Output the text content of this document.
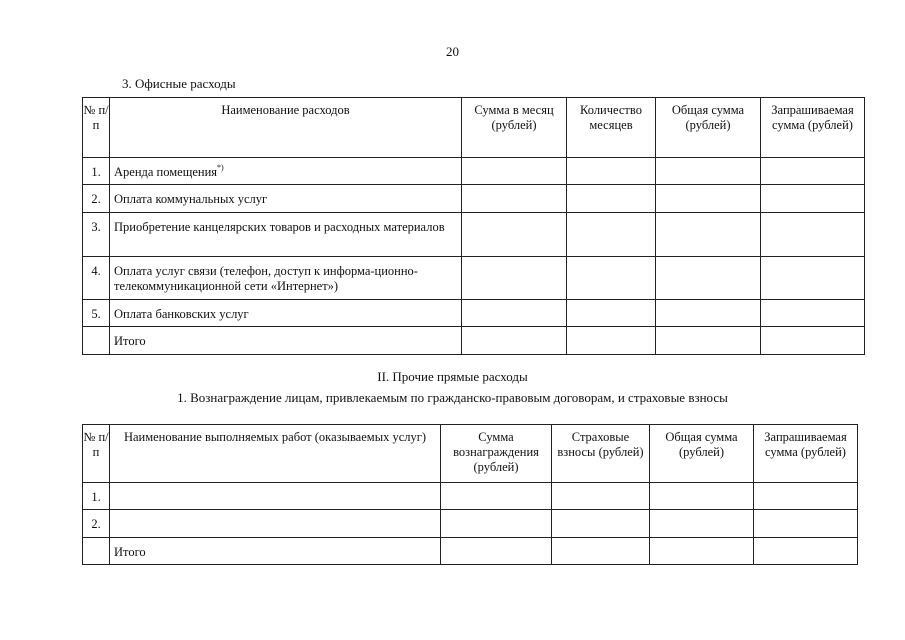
20
3. Офисные расходы
№ п/п	Наименование расходов	Сумма в месяц (рублей)	Количество месяцев	Общая сумма (рублей)	Запрашиваемая сумма (рублей)
1.	Аренда помещения*)				
2.	Оплата коммунальных услуг				
3.	Приобретение канцелярских товаров и расходных материалов				
4.	Оплата услуг связи (телефон, доступ к информа-ционно-телекоммуникационной сети «Интернет»)				
5.	Оплата банковских услуг				
	Итого				
II. Прочие прямые расходы
1. Вознаграждение лицам, привлекаемым по гражданско-правовым договорам, и страховые взносы
№ п/п	Наименование выполняемых работ (оказываемых услуг)	Сумма вознаграждения (рублей)	Страховые взносы (рублей)	Общая сумма (рублей)	Запрашиваемая сумма (рублей)
1.					
2.					
	Итого				
